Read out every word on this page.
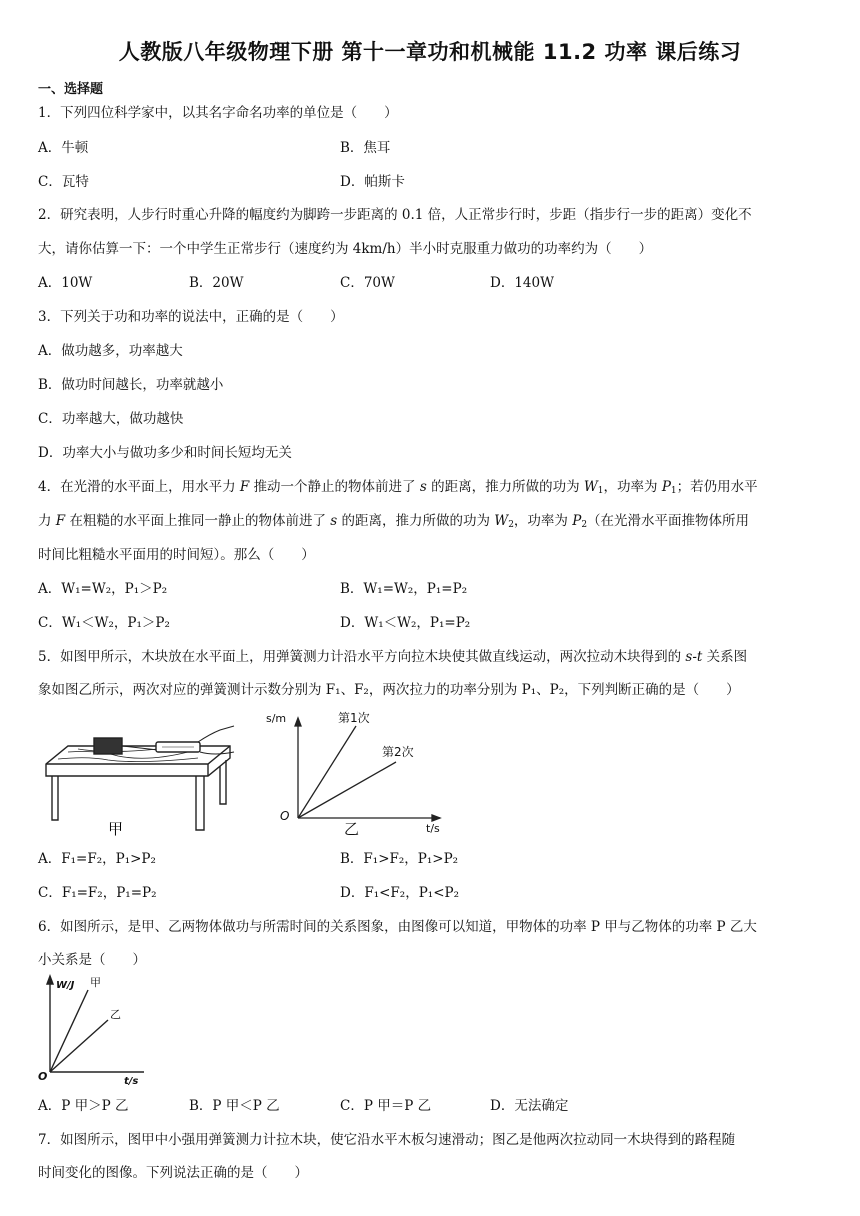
人教版八年级物理下册 第十一章功和机械能 11.2 功率 课后练习
一、选择题
1．下列四位科学家中，以其名字命名功率的单位是（　　）
A．牛顿	B．焦耳
C．瓦特	D．帕斯卡
2．研究表明，人步行时重心升降的幅度约为脚跨一步距离的 0.1 倍，人正常步行时，步距（指步行一步的距离）变化不
大，请你估算一下：一个中学生正常步行（速度约为 4km/h）半小时克服重力做功的功率约为（　　）
A．10W	B．20W	C．70W	D．140W
3．下列关于功和功率的说法中，正确的是（　　）
A．做功越多，功率越大
B．做功时间越长，功率就越小
C．功率越大，做功越快
D．功率大小与做功多少和时间长短均无关
4．在光滑的水平面上，用水平力 F 推动一个静止的物体前进了 s 的距离，推力所做的功为 $W_1$，功率为 $P_1$；若仍用水平
力 F 在粗糙的水平面上推同一静止的物体前进了 s 的距离，推力所做的功为 $W_2$，功率为 $P_2$（在光滑水平面推物体所用
时间比粗糙水平面用的时间短）。那么（　　）
A．W₁=W₂，P₁＞P₂	B．W₁=W₂，P₁=P₂
C．W₁＜W₂，P₁＞P₂	D．W₁＜W₂，P₁=P₂
5．如图甲所示，木块放在水平面上，用弹簧测力计沿水平方向拉木块使其做直线运动，两次拉动木块得到的 s-t 关系图
象如图乙所示，两次对应的弹簧测计示数分别为 F₁、F₂，两次拉力的功率分别为 P₁、P₂，下列判断正确的是（　　）
甲
s/m
O
t/s
第1次
第2次
乙
A．F₁=F₂，P₁>P₂	B．F₁>F₂，P₁>P₂
C．F₁=F₂，P₁=P₂	D．F₁<F₂，P₁<P₂
6．如图所示，是甲、乙两物体做功与所需时间的关系图象，由图像可以知道，甲物体的功率 P 甲与乙物体的功率 P 乙大
小关系是（　　）
W/J
O	t/s
甲
乙
A．P 甲＞P 乙	B．P 甲＜P 乙	C．P 甲＝P 乙	D．无法确定
7．如图所示，图甲中小强用弹簧测力计拉木块，使它沿水平木板匀速滑动；图乙是他两次拉动同一木块得到的路程随
时间变化的图像。下列说法正确的是（　　）
